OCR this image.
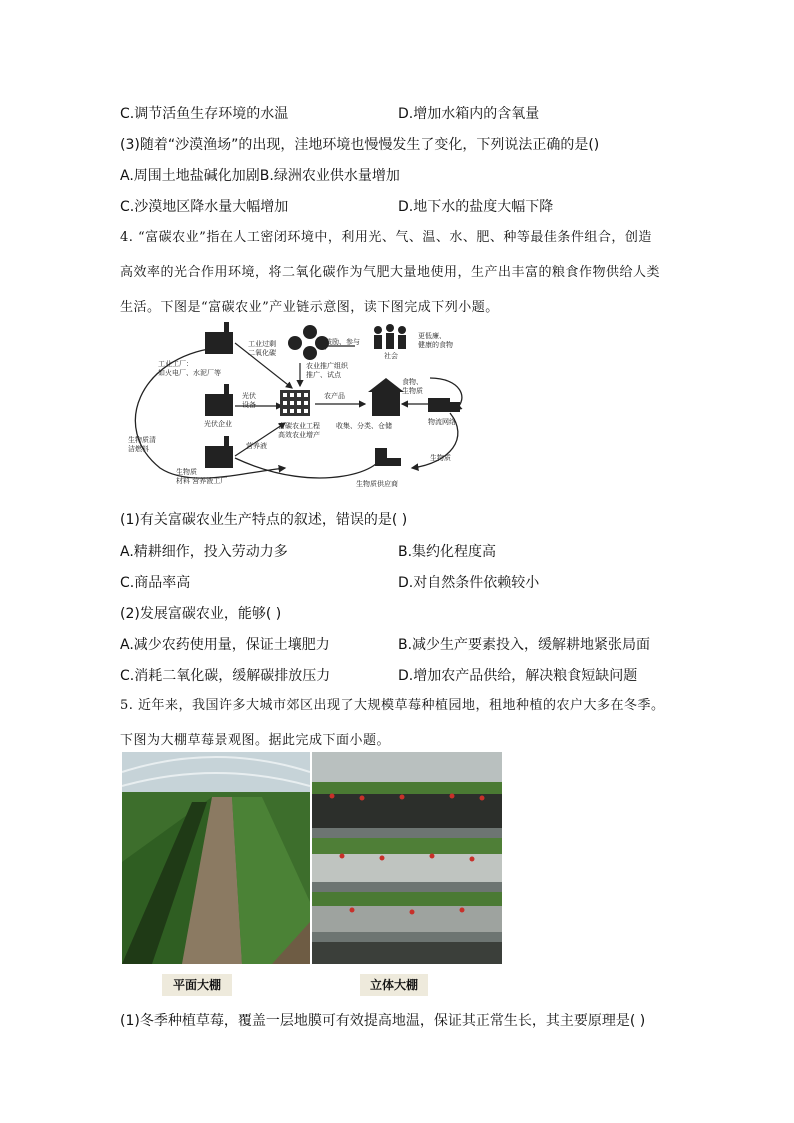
C.调节活鱼生存环境的水温	D.增加水箱内的含氧量
(3)随着“沙漠渔场”的出现，洼地环境也慢慢发生了变化，下列说法正确的是()
A.周围土地盐碱化加剧B.绿洲农业供水量增加
C.沙漠地区降水量大幅增加	D.地下水的盐度大幅下降
4. “富碳农业”指在人工密闭环境中，利用光、气、温、水、肥、种等最佳条件组合，创造
高效率的光合作用环境，将二氧化碳作为气肥大量地使用，生产出丰富的粮食作物供给人类
生活。下图是“富碳农业”产业链示意图，读下图完成下列小题。
工业工厂：
如火电厂、水泥厂等
光伏企业
生物质
材料 营养液工厂
工业过剩
二氧化碳
光伏
设备
营养液
生物质清
洁燃料
农业推广组织
推广、试点
农产品
富碳农业工程
高效农业增产
收集、分类、仓储
鼓励、参与
社会
更低廉、
健康的食物
食物、
生物质
物流网络
生物质
生物质供应商
(1)有关富碳农业生产特点的叙述，错误的是( )
A.精耕细作，投入劳动力多	B.集约化程度高
C.商品率高	D.对自然条件依赖较小
(2)发展富碳农业，能够( )
A.减少农药使用量，保证土壤肥力	B.减少生产要素投入，缓解耕地紧张局面
C.消耗二氧化碳，缓解碳排放压力	D.增加农产品供给，解决粮食短缺问题
5. 近年来，我国许多大城市郊区出现了大规模草莓种植园地，租地种植的农户大多在冬季。
下图为大棚草莓景观图。据此完成下面小题。
平面大棚	立体大棚
(1)冬季种植草莓，覆盖一层地膜可有效提高地温，保证其正常生长，其主要原理是( )
